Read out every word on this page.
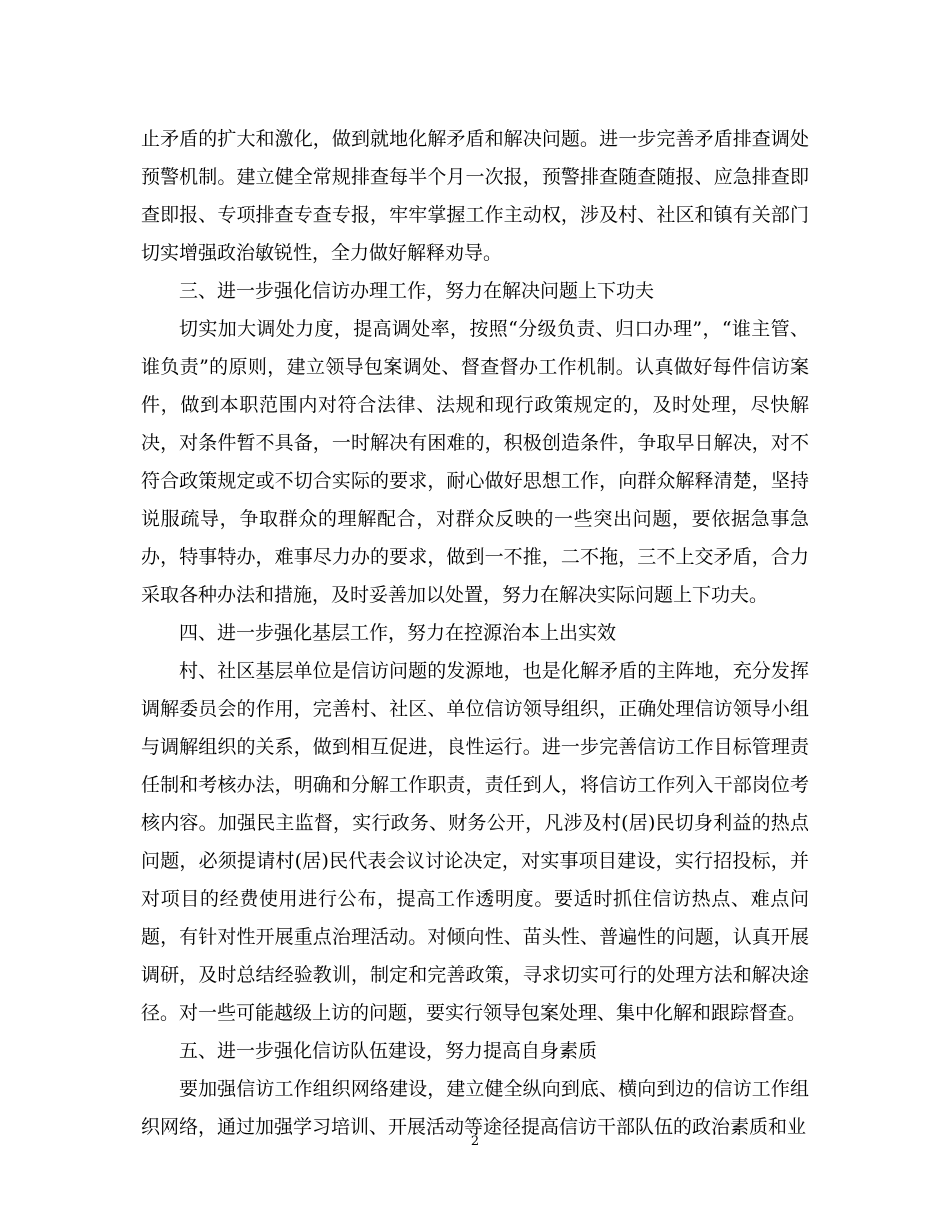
止矛盾的扩大和激化，做到就地化解矛盾和解决问题。进一步完善矛盾排查调处预警机制。建立健全常规排查每半个月一次报，预警排查随查随报、应急排查即查即报、专项排查专查专报，牢牢掌握工作主动权，涉及村、社区和镇有关部门切实增强政治敏锐性，全力做好解释劝导。

三、进一步强化信访办理工作，努力在解决问题上下功夫

切实加大调处力度，提高调处率，按照“分级负责、归口办理”，“谁主管、谁负责”的原则，建立领导包案调处、督查督办工作机制。认真做好每件信访案件，做到本职范围内对符合法律、法规和现行政策规定的，及时处理，尽快解决，对条件暂不具备，一时解决有困难的，积极创造条件，争取早日解决，对不符合政策规定或不切合实际的要求，耐心做好思想工作，向群众解释清楚，坚持说服疏导，争取群众的理解配合，对群众反映的一些突出问题，要依据急事急办，特事特办，难事尽力办的要求，做到一不推，二不拖，三不上交矛盾，合力采取各种办法和措施，及时妥善加以处置，努力在解决实际问题上下功夫。

四、进一步强化基层工作，努力在控源治本上出实效

村、社区基层单位是信访问题的发源地，也是化解矛盾的主阵地，充分发挥调解委员会的作用，完善村、社区、单位信访领导组织，正确处理信访领导小组与调解组织的关系，做到相互促进，良性运行。进一步完善信访工作目标管理责任制和考核办法，明确和分解工作职责，责任到人，将信访工作列入干部岗位考核内容。加强民主监督，实行政务、财务公开，凡涉及村(居)民切身利益的热点问题，必须提请村(居)民代表会议讨论决定，对实事项目建设，实行招投标，并对项目的经费使用进行公布，提高工作透明度。要适时抓住信访热点、难点问题，有针对性开展重点治理活动。对倾向性、苗头性、普遍性的问题，认真开展调研，及时总结经验教训，制定和完善政策，寻求切实可行的处理方法和解决途径。对一些可能越级上访的问题，要实行领导包案处理、集中化解和跟踪督查。

五、进一步强化信访队伍建设，努力提高自身素质

要加强信访工作组织网络建设，建立健全纵向到底、横向到边的信访工作组织网络，通过加强学习培训、开展活动等途径提高信访干部队伍的政治素质和业

2
